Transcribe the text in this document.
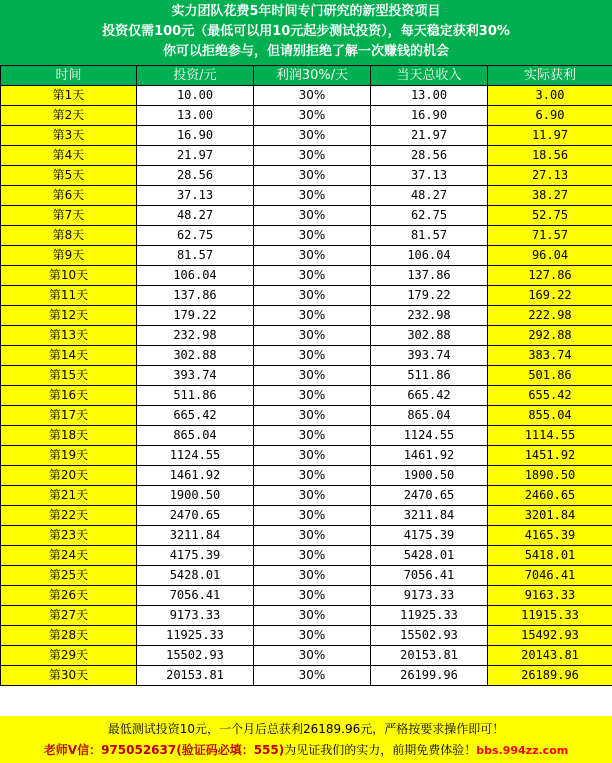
实力团队花费5年时间专门研究的新型投资项目
投资仅需100元（最低可以用10元起步测试投资），每天稳定获利30%
你可以拒绝参与，但请别拒绝了解一次赚钱的机会
时间	投资/元	利润30%/天	当天总收入	实际获利
第1天	10.00	30%	13.00	3.00
第2天	13.00	30%	16.90	6.90
第3天	16.90	30%	21.97	11.97
第4天	21.97	30%	28.56	18.56
第5天	28.56	30%	37.13	27.13
第6天	37.13	30%	48.27	38.27
第7天	48.27	30%	62.75	52.75
第8天	62.75	30%	81.57	71.57
第9天	81.57	30%	106.04	96.04
第10天	106.04	30%	137.86	127.86
第11天	137.86	30%	179.22	169.22
第12天	179.22	30%	232.98	222.98
第13天	232.98	30%	302.88	292.88
第14天	302.88	30%	393.74	383.74
第15天	393.74	30%	511.86	501.86
第16天	511.86	30%	665.42	655.42
第17天	665.42	30%	865.04	855.04
第18天	865.04	30%	1124.55	1114.55
第19天	1124.55	30%	1461.92	1451.92
第20天	1461.92	30%	1900.50	1890.50
第21天	1900.50	30%	2470.65	2460.65
第22天	2470.65	30%	3211.84	3201.84
第23天	3211.84	30%	4175.39	4165.39
第24天	4175.39	30%	5428.01	5418.01
第25天	5428.01	30%	7056.41	7046.41
第26天	7056.41	30%	9173.33	9163.33
第27天	9173.33	30%	11925.33	11915.33
第28天	11925.33	30%	15502.93	15492.93
第29天	15502.93	30%	20153.81	20143.81
第30天	20153.81	30%	26199.96	26189.96
最低测试投资10元，一个月后总获利26189.96元，严格按要求操作即可！
老师V信：975052637(验证码必填：555)为见证我们的实力，前期免费体验！bbs.994zz.com
